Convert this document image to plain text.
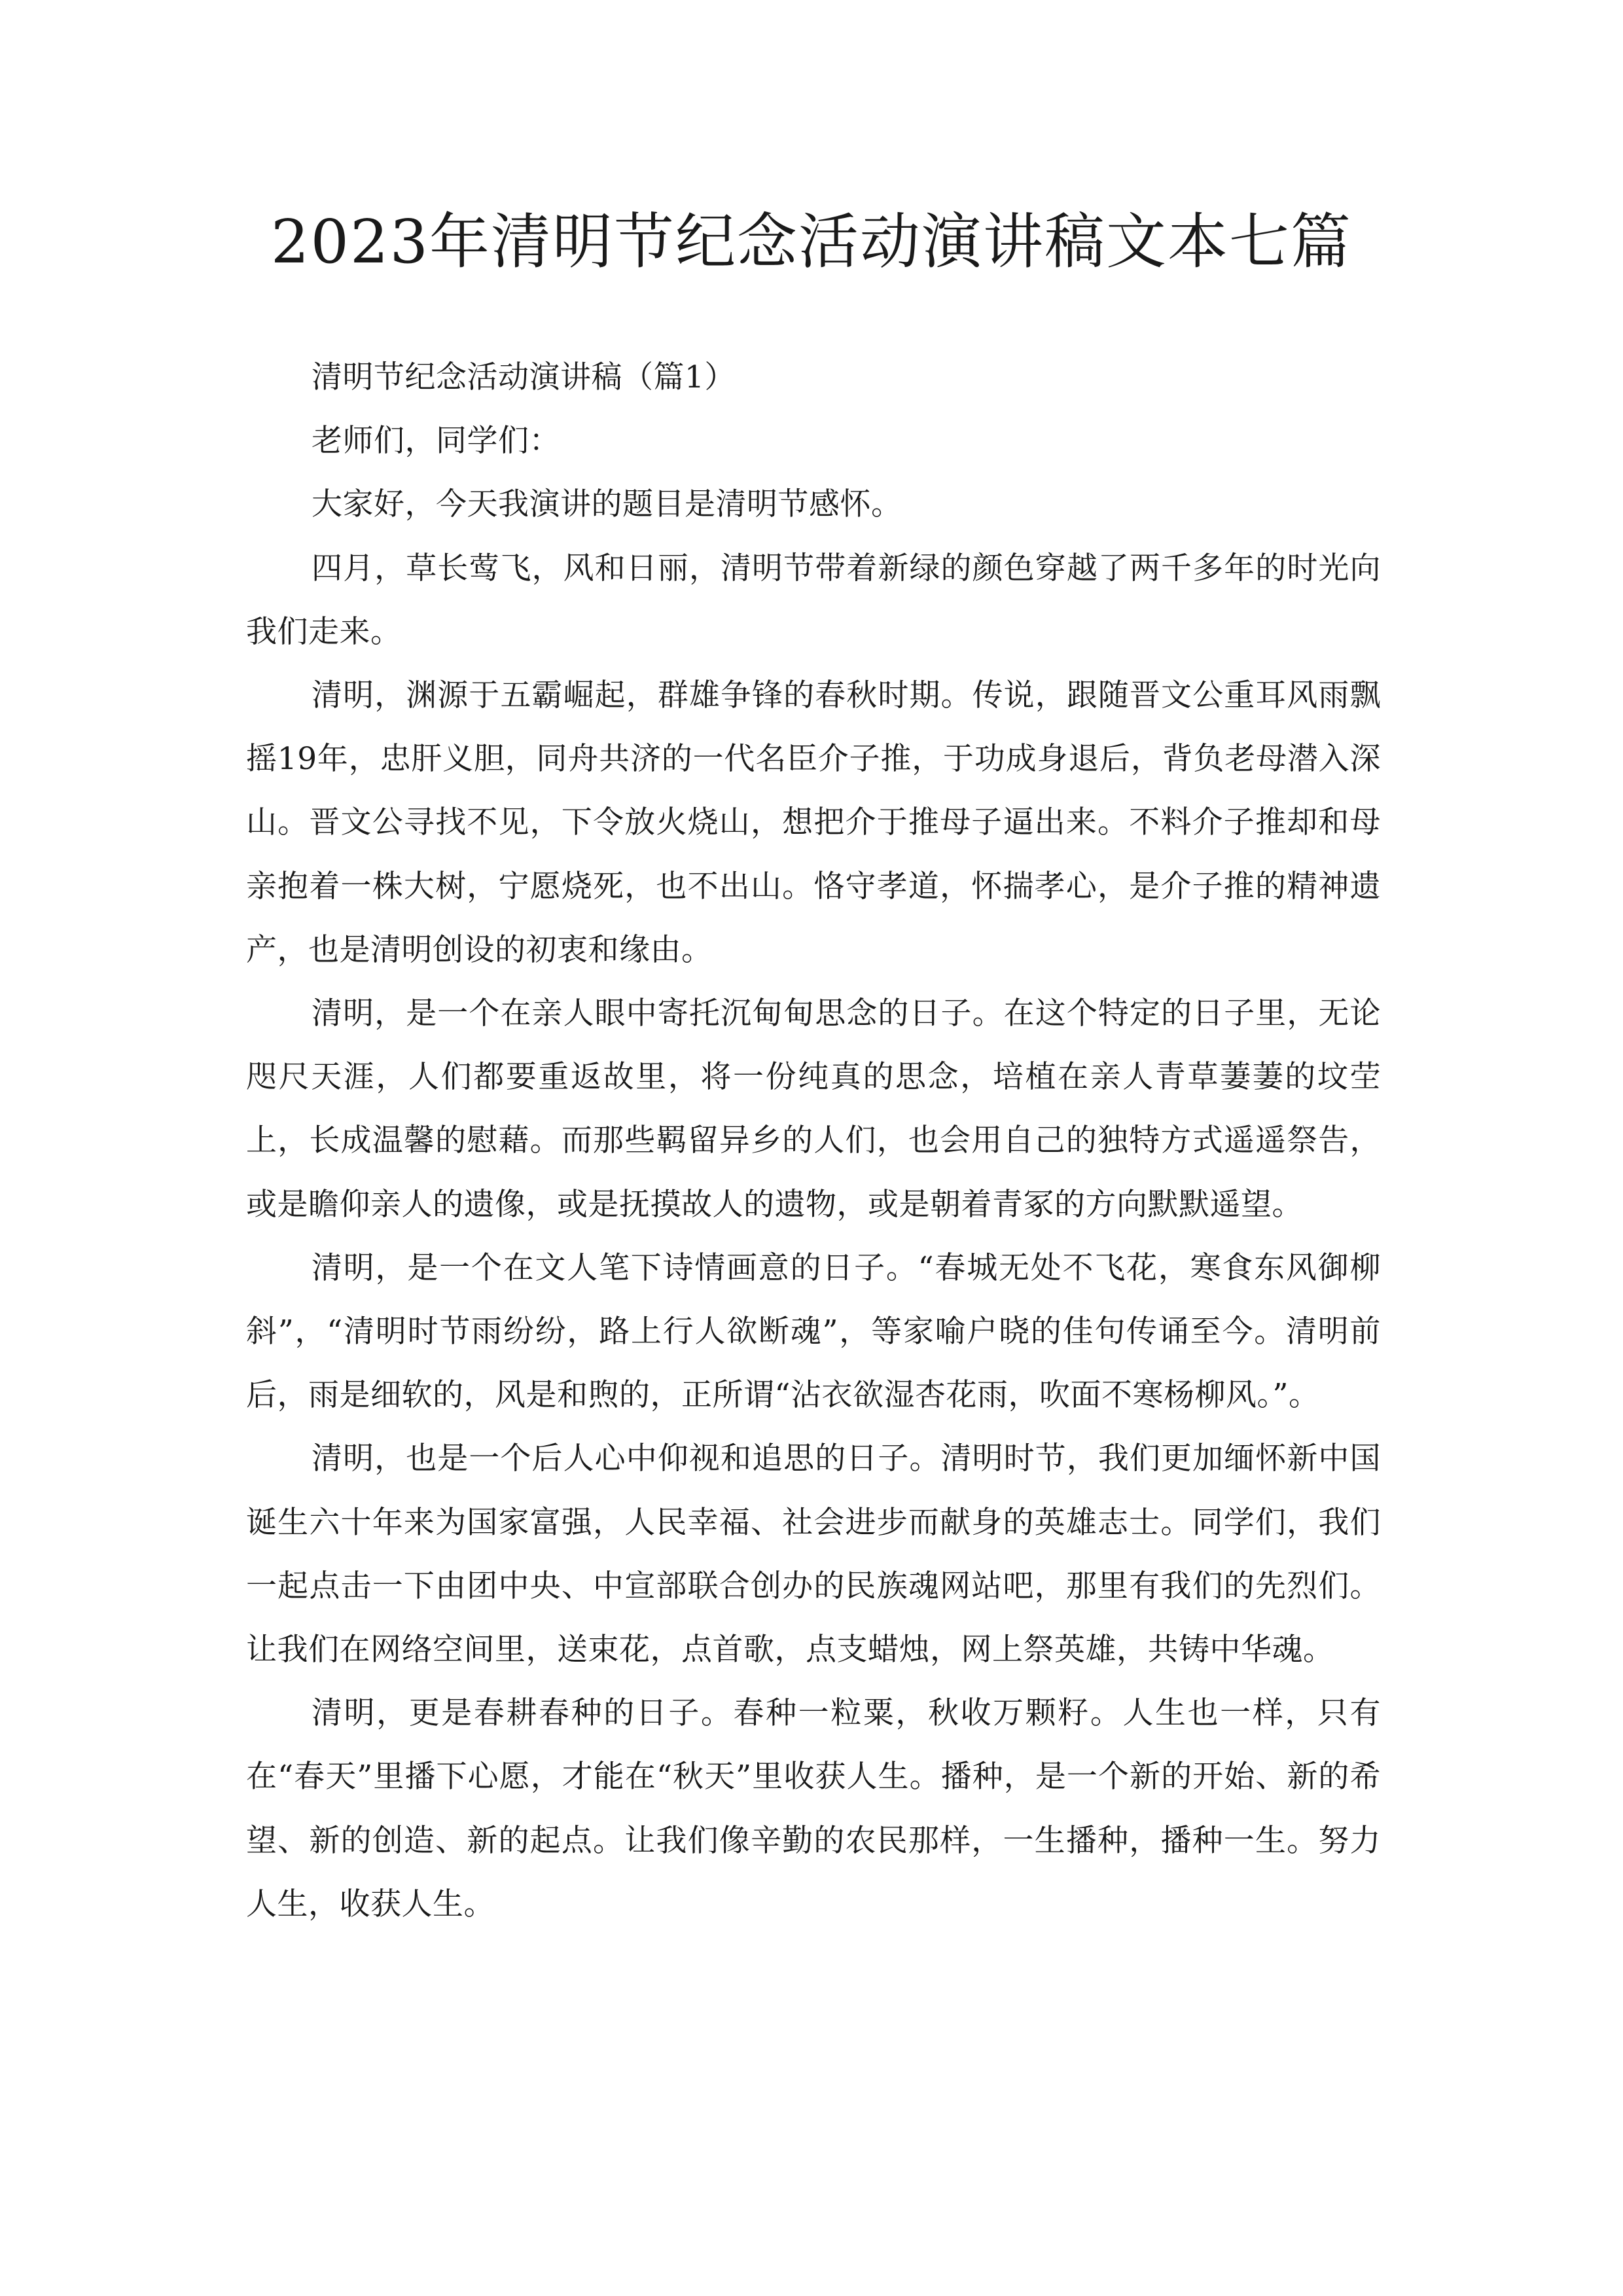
2023年清明节纪念活动演讲稿文本七篇

清明节纪念活动演讲稿（篇1）

老师们，同学们：

大家好，今天我演讲的题目是清明节感怀。

四月，草长莺飞，风和日丽，清明节带着新绿的颜色穿越了两千多年的时光向我们走来。

清明，渊源于五霸崛起，群雄争锋的春秋时期。传说，跟随晋文公重耳风雨飘摇19年，忠肝义胆，同舟共济的一代名臣介子推，于功成身退后，背负老母潜入深山。晋文公寻找不见，下令放火烧山，想把介于推母子逼出来。不料介子推却和母亲抱着一株大树，宁愿烧死，也不出山。恪守孝道，怀揣孝心，是介子推的精神遗产，也是清明创设的初衷和缘由。

清明，是一个在亲人眼中寄托沉甸甸思念的日子。在这个特定的日子里，无论咫尺天涯，人们都要重返故里，将一份纯真的思念，培植在亲人青草萋萋的坟茔上，长成温馨的慰藉。而那些羁留异乡的人们，也会用自己的独特方式遥遥祭告，或是瞻仰亲人的遗像，或是抚摸故人的遗物，或是朝着青冢的方向默默遥望。

清明，是一个在文人笔下诗情画意的日子。“春城无处不飞花，寒食东风御柳斜”，“清明时节雨纷纷，路上行人欲断魂”，等家喻户晓的佳句传诵至今。清明前后，雨是细软的，风是和煦的，正所谓“沾衣欲湿杏花雨，吹面不寒杨柳风。”。

清明，也是一个后人心中仰视和追思的日子。清明时节，我们更加缅怀新中国诞生六十年来为国家富强，人民幸福、社会进步而献身的英雄志士。同学们，我们一起点击一下由团中央、中宣部联合创办的民族魂网站吧，那里有我们的先烈们。让我们在网络空间里，送束花，点首歌，点支蜡烛，网上祭英雄，共铸中华魂。

清明，更是春耕春种的日子。春种一粒粟，秋收万颗籽。人生也一样，只有在“春天”里播下心愿，才能在“秋天”里收获人生。播种，是一个新的开始、新的希望、新的创造、新的起点。让我们像辛勤的农民那样，一生播种，播种一生。努力人生，收获人生。
